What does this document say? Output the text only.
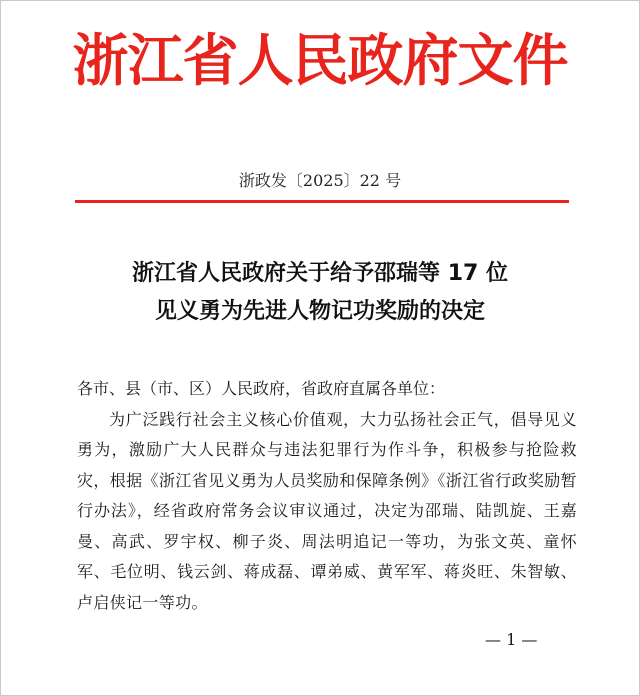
浙江省人民政府文件
浙政发〔2025〕22 号
浙江省人民政府关于给予邵瑞等 17 位
见义勇为先进人物记功奖励的决定
各市、县（市、区）人民政府，省政府直属各单位：
为广泛践行社会主义核心价值观，大力弘扬社会正气，倡导见义勇为，激励广大人民群众与违法犯罪行为作斗争，积极参与抢险救灾，根据《浙江省见义勇为人员奖励和保障条例》《浙江省行政奖励暂行办法》，经省政府常务会议审议通过，决定为邵瑞、陆凯旋、王嘉曼、高武、罗宇权、柳子炎、周法明追记一等功，为张文英、童怀军、毛位明、钱云剑、蒋成磊、谭弟威、黄军军、蒋炎旺、朱智敏、卢启侠记一等功。
— 1 —
